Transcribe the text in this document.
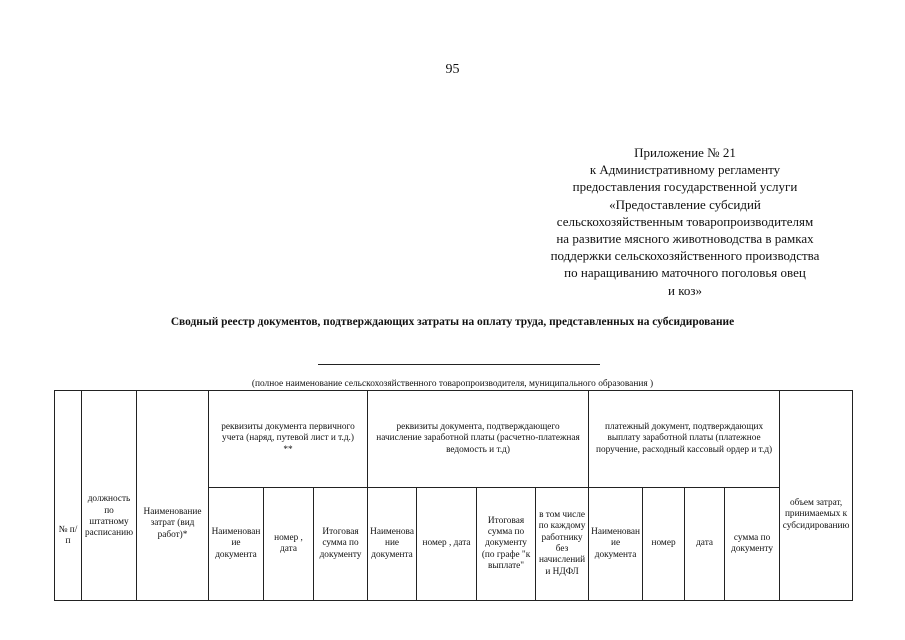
95
Приложение № 21
к Административному регламенту
предоставления государственной услуги
«Предоставление субсидий
сельскохозяйственным товаропроизводителям
на развитие мясного животноводства в рамках
поддержки сельскохозяйственного производства
по наращиванию маточного поголовья овец
и коз»
Сводный реестр документов, подтверждающих затраты на оплату труда, представленных на субсидирование
(полное наименование сельскохозяйственного товаропроизводителя, муниципального образования )
№ п/п	должность по штатному расписанию	Наименование затрат (вид работ)*	реквизиты документа первичного учета (наряд, путевой лист и т.д.) **			реквизиты документа, подтверждающего начисление заработной платы (расчетно-платежная ведомость и т.д)				платежный документ, подтверждающих выплату заработной платы (платежное поручение, расходный кассовый ордер и т.д)				объем затрат, принимаемых к субсидированию
			Наименование документа	номер , дата	Итоговая сумма по документу	Наименование документа	номер , дата	Итоговая сумма по документу (по графе "к выплате"	в том числе по каждому работнику без начислений и НДФЛ	Наименование документа	номер	дата	сумма по документу	
